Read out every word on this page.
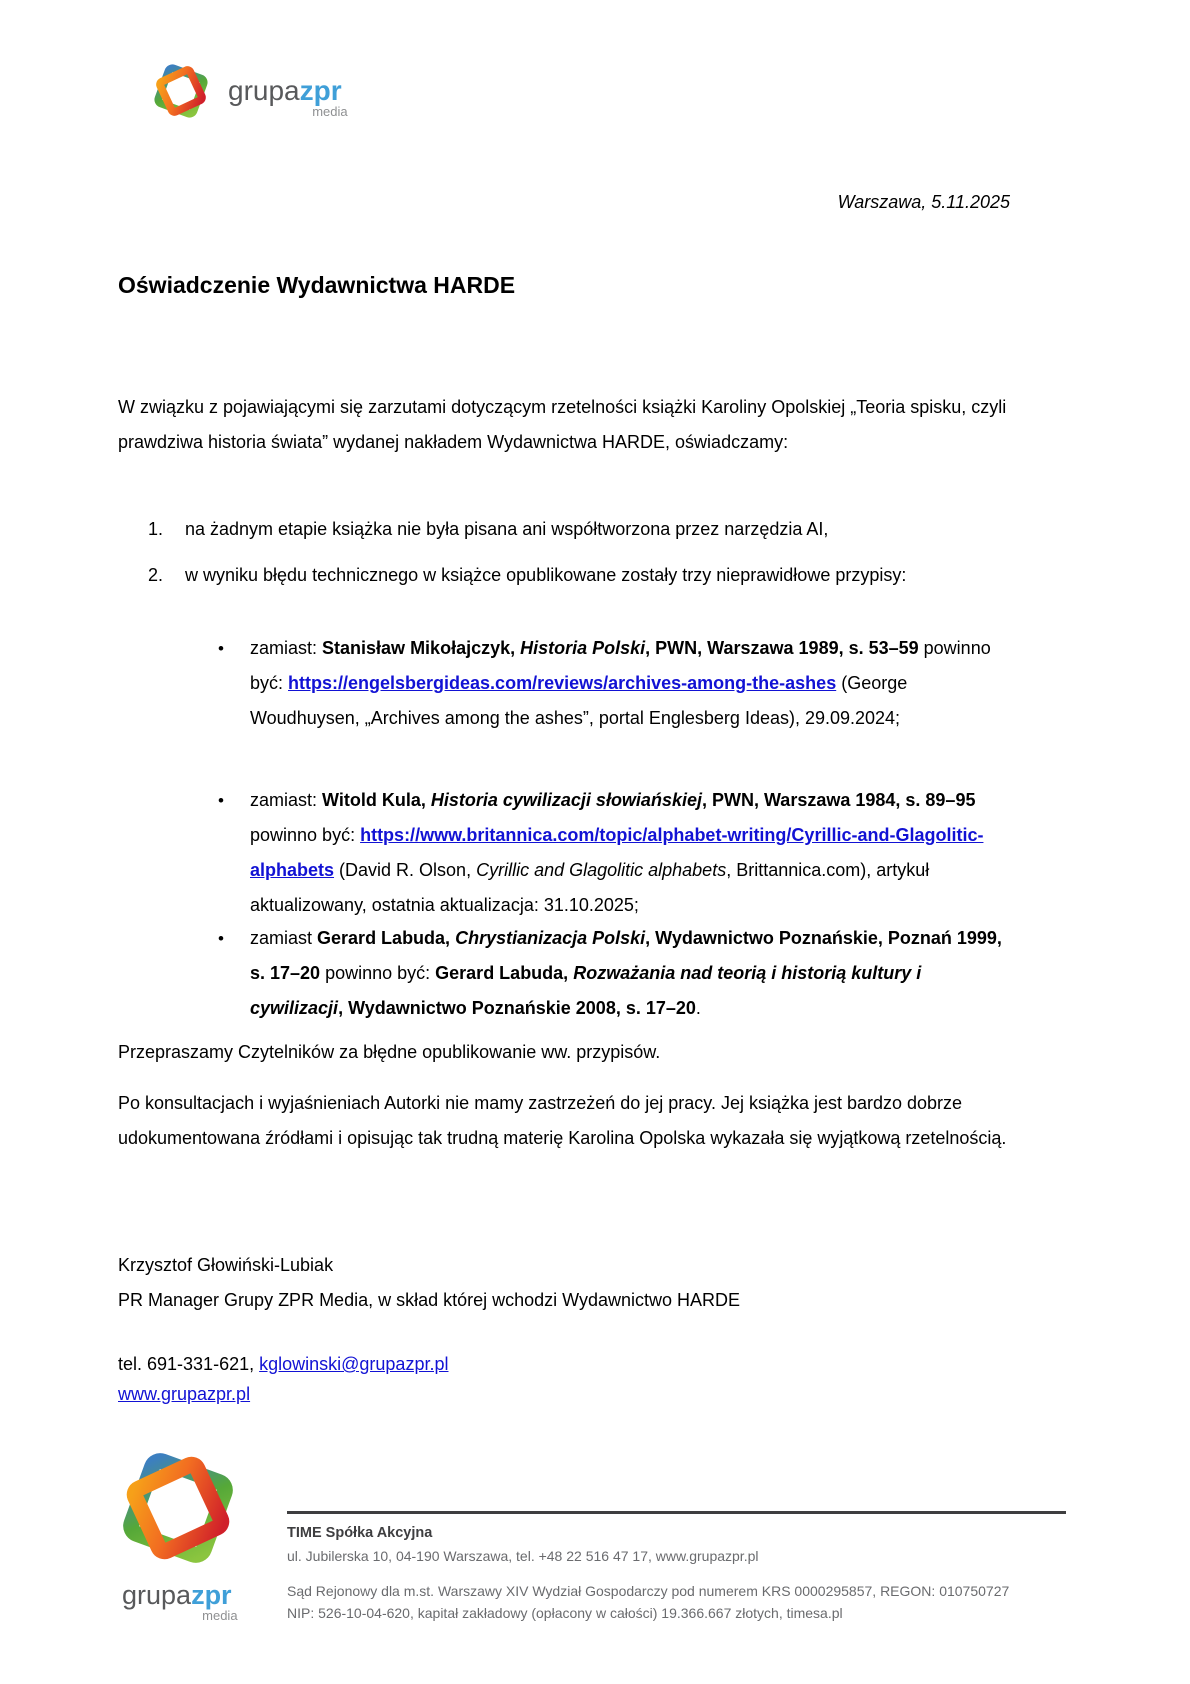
grupazpr
media
Warszawa, 5.11.2025
Oświadczenie Wydawnictwa HARDE

W związku z pojawiającymi się zarzutami dotyczącym rzetelności książki Karoliny Opolskiej „Teoria spisku, czyli prawdziwa historia świata” wydanej nakładem Wydawnictwa HARDE, oświadczamy:

1.	na żadnym etapie książka nie była pisana ani współtworzona przez narzędzia AI,
2.	w wyniku błędu technicznego w książce opublikowane zostały trzy nieprawidłowe przypisy:
•	zamiast: Stanisław Mikołajczyk, Historia Polski, PWN, Warszawa 1989, s. 53–59 powinno być: https://engelsbergideas.com/reviews/archives-among-the-ashes (George Woudhuysen, „Archives among the ashes”, portal Englesberg Ideas), 29.09.2024;
•	zamiast: Witold Kula, Historia cywilizacji słowiańskiej, PWN, Warszawa 1984, s. 89–95 powinno być: https://www.britannica.com/topic/alphabet-writing/Cyrillic-and-Glagolitic-alphabets (David R. Olson, Cyrillic and Glagolitic alphabets, Brittannica.com), artykuł aktualizowany, ostatnia aktualizacja: 31.10.2025;
•	zamiast Gerard Labuda, Chrystianizacja Polski, Wydawnictwo Poznańskie, Poznań 1999, s. 17–20 powinno być: Gerard Labuda, Rozważania nad teorią i historią kultury i cywilizacji, Wydawnictwo Poznańskie 2008, s. 17–20.

Przepraszamy Czytelników za błędne opublikowanie ww. przypisów.

Po konsultacjach i wyjaśnieniach Autorki nie mamy zastrzeżeń do jej pracy. Jej książka jest bardzo dobrze udokumentowana źródłami i opisując tak trudną materię Karolina Opolska wykazała się wyjątkową rzetelnością.

Krzysztof Głowiński-Lubiak
PR Manager Grupy ZPR Media, w skład której wchodzi Wydawnictwo HARDE
tel. 691-331-621, kglowinski@grupazpr.pl
www.grupazpr.pl
grupazpr
media
TIME Spółka Akcyjna
ul. Jubilerska 10, 04-190 Warszawa, tel. +48 22 516 47 17, www.grupazpr.pl
Sąd Rejonowy dla m.st. Warszawy XIV Wydział Gospodarczy pod numerem KRS 0000295857, REGON: 010750727
NIP: 526-10-04-620, kapitał zakładowy (opłacony w całości) 19.366.667 złotych, timesa.pl
